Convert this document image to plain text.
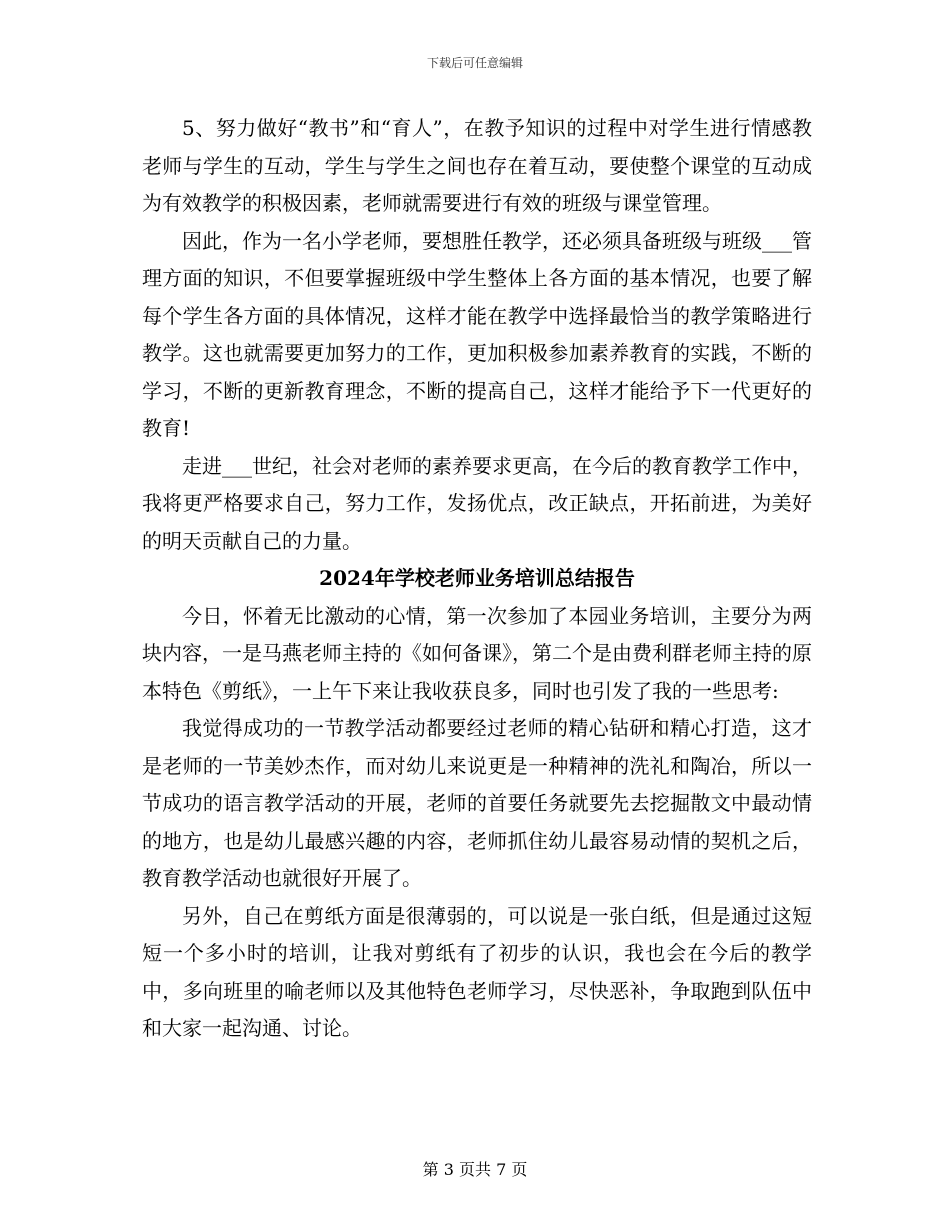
下载后可任意编辑

5、努力做好“教书”和“育人”，在教予知识的过程中对学生进行情感教老师与学生的互动，学生与学生之间也存在着互动，要使整个课堂的互动成为有效教学的积极因素，老师就需要进行有效的班级与课堂管理。

因此，作为一名小学老师，要想胜任教学，还必须具备班级与班级___管理方面的知识，不但要掌握班级中学生整体上各方面的基本情况，也要了解每个学生各方面的具体情况，这样才能在教学中选择最恰当的教学策略进行教学。这也就需要更加努力的工作，更加积极参加素养教育的实践，不断的学习，不断的更新教育理念，不断的提高自己，这样才能给予下一代更好的教育!

走进___世纪，社会对老师的素养要求更高，在今后的教育教学工作中，我将更严格要求自己，努力工作，发扬优点，改正缺点，开拓前进，为美好的明天贡献自己的力量。

2024年学校老师业务培训总结报告

今日，怀着无比激动的心情，第一次参加了本园业务培训，主要分为两块内容，一是马燕老师主持的《如何备课》，第二个是由费利群老师主持的原本特色《剪纸》，一上午下来让我收获良多，同时也引发了我的一些思考:

我觉得成功的一节教学活动都要经过老师的精心钻研和精心打造，这才是老师的一节美妙杰作，而对幼儿来说更是一种精神的洗礼和陶冶，所以一节成功的语言教学活动的开展，老师的首要任务就要先去挖掘散文中最动情的地方，也是幼儿最感兴趣的内容，老师抓住幼儿最容易动情的契机之后，教育教学活动也就很好开展了。

另外，自己在剪纸方面是很薄弱的，可以说是一张白纸，但是通过这短短一个多小时的培训，让我对剪纸有了初步的认识，我也会在今后的教学中，多向班里的喻老师以及其他特色老师学习，尽快恶补，争取跑到队伍中和大家一起沟通、讨论。

第 3 页共 7 页
